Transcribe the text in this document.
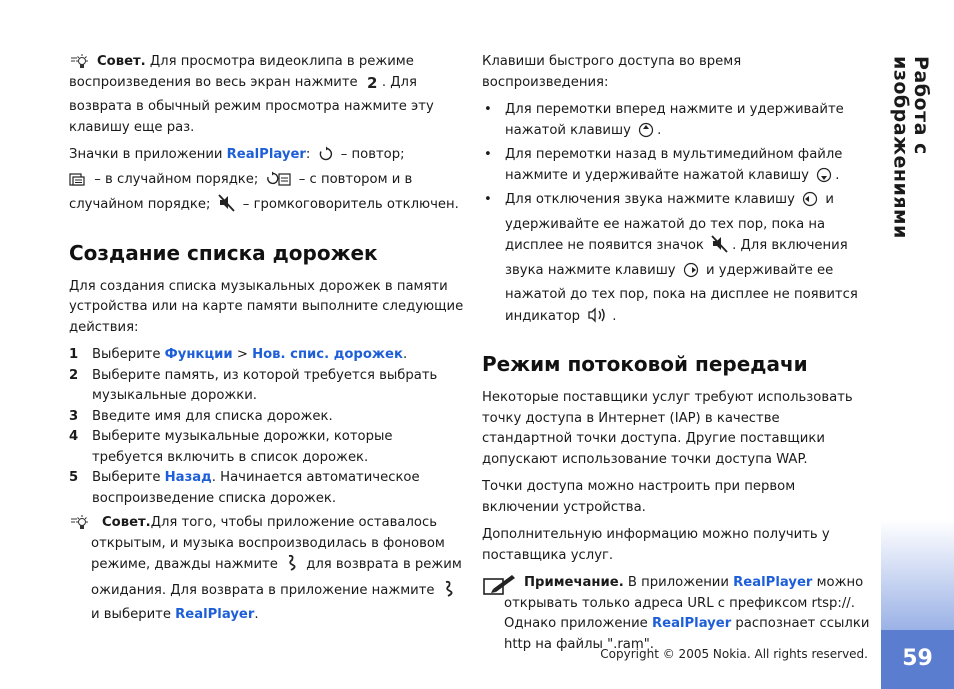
Работа с изображениями
59

Совет. Для просмотра видеоклипа в режиме воспроизведения во весь экран нажмите 2 . Для возврата в обычный режим просмотра нажмите эту клавишу еще раз.

Значки в приложении RealPlayer:  – повтор;
– в случайном порядке;  – с повтором и в случайном порядке;  – громкоговоритель отключен.

Создание списка дорожек

Для создания списка музыкальных дорожек в памяти устройства или на карте памяти выполните следующие действия:

1 Выберите Функции > Нов. спис. дорожек.
2 Выберите память, из которой требуется выбрать музыкальные дорожки.
3 Введите имя для списка дорожек.
4 Выберите музыкальные дорожки, которые требуется включить в список дорожек.
5 Выберите Назад. Начинается автоматическое воспроизведение списка дорожек.

Совет.Для того, чтобы приложение оставалось открытым, и музыка воспроизводилась в фоновом режиме, дважды нажмите  для возврата в режим ожидания. Для возврата в приложение нажмите
и выберите RealPlayer.

Клавиши быстрого доступа во время воспроизведения:

• Для перемотки вперед нажмите и удерживайте нажатой клавишу .
• Для перемотки назад в мультимедийном файле нажмите и удерживайте нажатой клавишу .
• Для отключения звука нажмите клавишу  и удерживайте ее нажатой до тех пор, пока на дисплее не появится значок . Для включения звука нажмите клавишу  и удерживайте ее нажатой до тех пор, пока на дисплее не появится индикатор .
Режим потоковой передачи

Некоторые поставщики услуг требуют использовать точку доступа в Интернет (IAP) в качестве стандартной точки доступа. Другие поставщики допускают использование точки доступа WAP.

Точки доступа можно настроить при первом включении устройства.

Дополнительную информацию можно получить у поставщика услуг.

Примечание. В приложении RealPlayer можно открывать только адреса URL с префиксом rtsp://. Однако приложение RealPlayer распознает ссылки http на файлы ".ram".

Copyright © 2005 Nokia. All rights reserved.
